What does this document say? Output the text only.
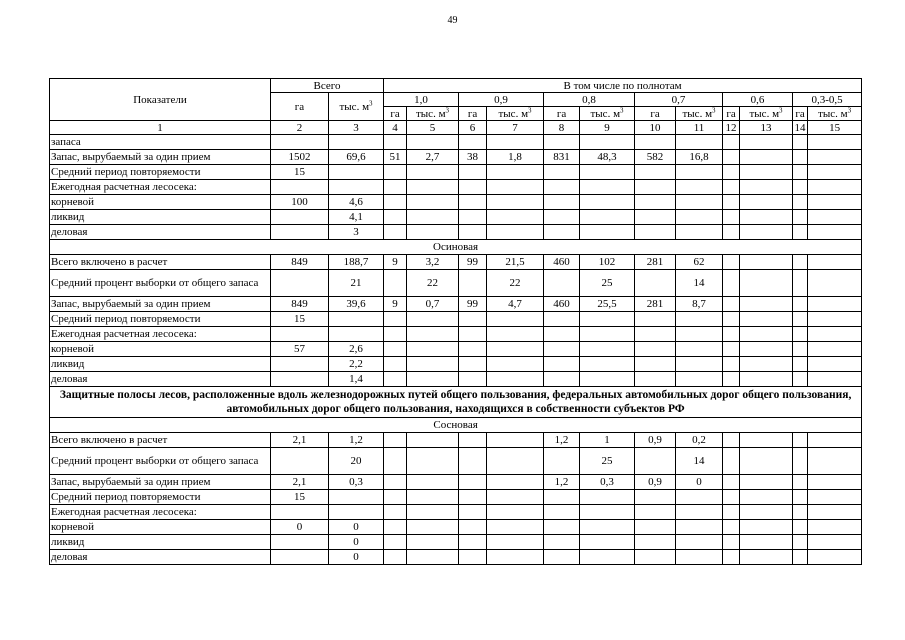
49
Показатели	Всего		В том числе по полнотам											
	га	тыс. $м^3$	1,0		0,9		0,8		0,7		0,6		0,3-0,5	
			га	тыс. $м^3$	га	тыс. $м^3$	га	тыс. $м^3$	га	тыс. $м^3$	га	тыс. $м^3$	га	тыс. $м^3$
1	2	3	4	5	6	7	8	9	10	11	12	13	14	15
запаса														
Запас, вырубаемый за один прием	1502	69,6	51	2,7	38	1,8	831	48,3	582	16,8				
Средний период повторяемости	15													
Ежегодная расчетная лесосека:														
корневой	100	4,6												
ликвид		4,1												
деловая		3												
Осиновая														
Всего включено в расчет	849	188,7	9	3,2	99	21,5	460	102	281	62				
Средний процент выборки от общего запаса		21		22		22		25		14				
Запас, вырубаемый за один прием	849	39,6	9	0,7	99	4,7	460	25,5	281	8,7				
Средний период повторяемости	15													
Ежегодная расчетная лесосека:														
корневой	57	2,6												
ликвид		2,2												
деловая		1,4												
Защитные полосы лесов, расположенные вдоль железнодорожных путей общего пользования, федеральных автомобильных дорог общего пользования, автомобильных дорог общего пользования, находящихся в собственности субъектов РФ														
Сосновая														
Всего включено в расчет	2,1	1,2					1,2	1	0,9	0,2				
Средний процент выборки от общего запаса		20						25		14				
Запас, вырубаемый за один прием	2,1	0,3					1,2	0,3	0,9	0				
Средний период повторяемости	15													
Ежегодная расчетная лесосека:														
корневой	0	0												
ликвид		0												
деловая		0												
